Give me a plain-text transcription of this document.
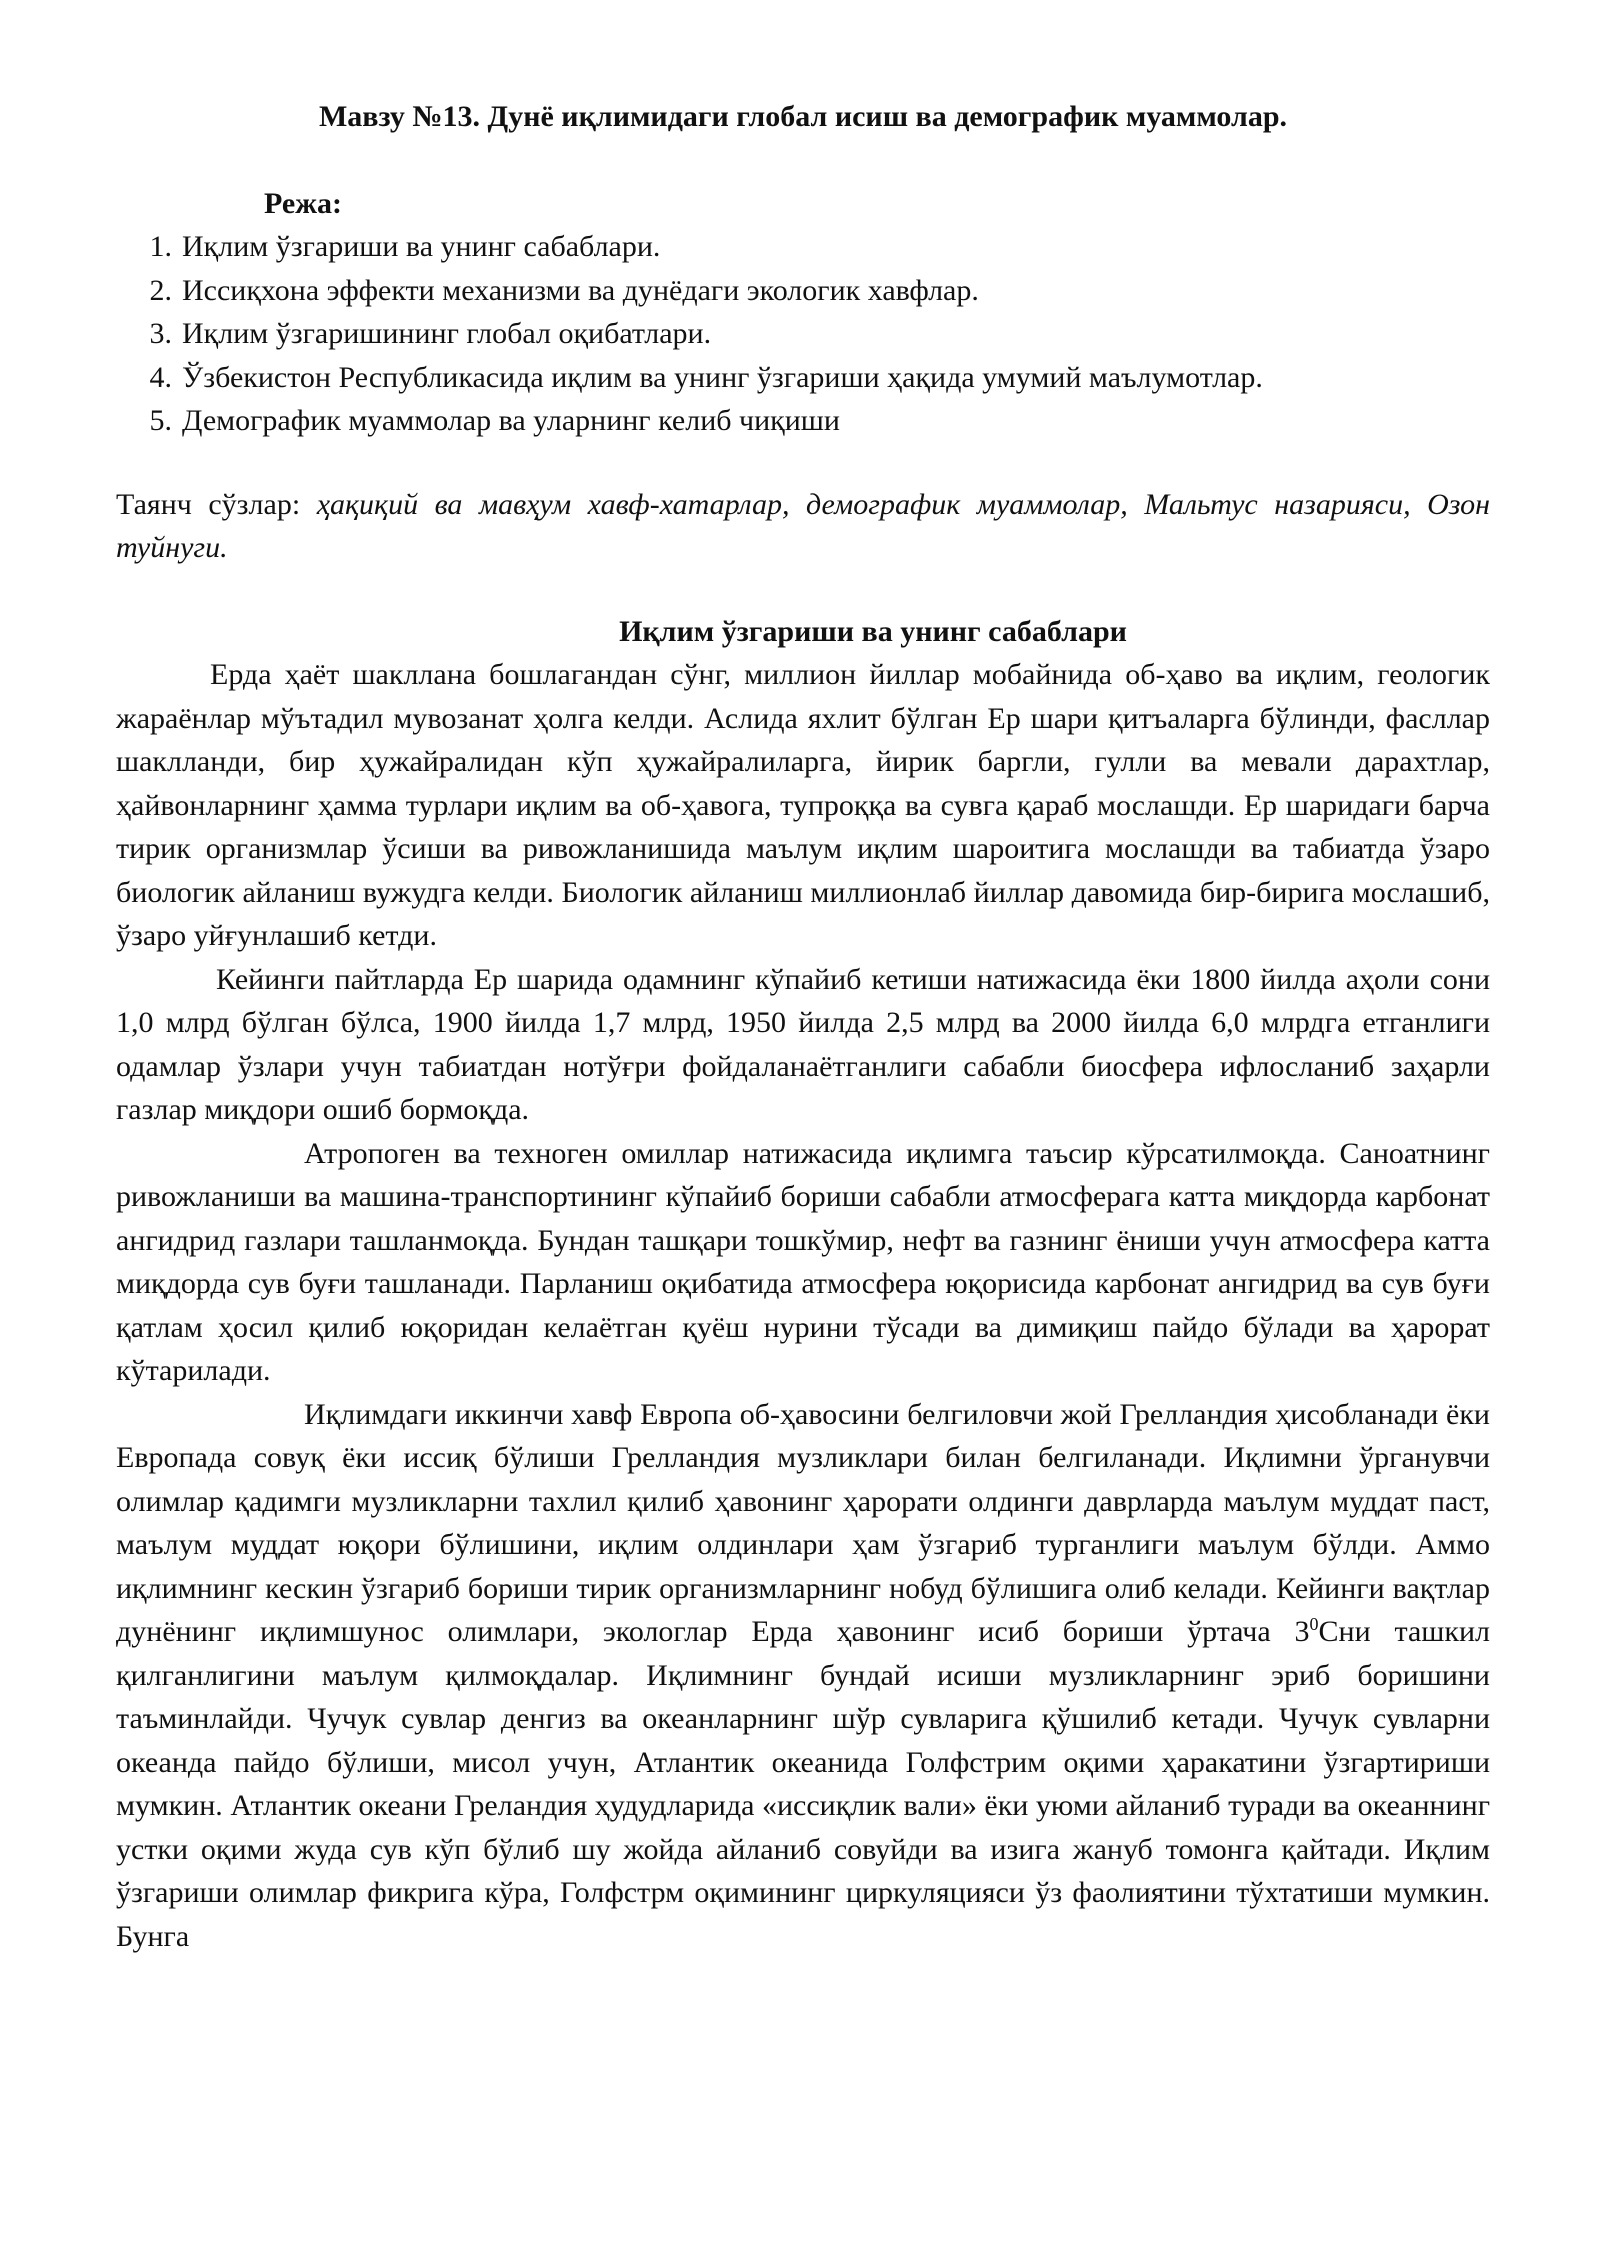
Мавзу №13. Дунё иқлимидаги глобал исиш ва демографик муаммолар.
Режа:
1. Иқлим ўзгариши ва унинг сабаблари.
2. Иссиқхона эффекти механизми ва дунёдаги экологик хавфлар.
3. Иқлим ўзгаришининг глобал оқибатлари.
4. Ўзбекистон Республикасида иқлим ва унинг ўзгариши ҳақида умумий маълумотлар.
5. Демографик муаммолар ва уларнинг келиб чиқиши

Таянч сўзлар: ҳақиқий ва мавҳум хавф-хатарлар, демографик муаммолар, Мальтус назарияси, Озон туйнуги.

Иқлим ўзгариши ва унинг сабаблари

Ерда ҳаёт шакллана бошлагандан сўнг, миллион йиллар мобайнида об-ҳаво ва иқлим, геологик жараёнлар мўътадил мувозанат ҳолга келди. Аслида яхлит бўлган Ер шари қитъаларга бўлинди, фасллар шаклланди, бир ҳужайралидан кўп ҳужайралиларга, йирик баргли, гулли ва мевали дарахтлар, ҳайвонларнинг ҳамма турлари иқлим ва об-ҳавога, тупроққа ва сувга қараб мослашди. Ер шаридаги барча тирик организмлар ўсиши ва ривожланишида маълум иқлим шароитига мослашди ва табиатда ўзаро биологик айланиш вужудга келди. Биологик айланиш миллионлаб йиллар давомида бир-бирига мослашиб, ўзаро уйғунлашиб кетди.

Кейинги пайтларда Ер шарида одамнинг кўпайиб кетиши натижасида ёки 1800 йилда аҳоли сони 1,0 млрд бўлган бўлса, 1900 йилда 1,7 млрд, 1950 йилда 2,5 млрд ва 2000 йилда 6,0 млрдга етганлиги одамлар ўзлари учун табиатдан нотўғри фойдаланаётганлиги сабабли биосфера ифлосланиб заҳарли газлар миқдори ошиб бормоқда.

Атропоген ва техноген омиллар натижасида иқлимга таъсир кўрсатилмоқда. Саноатнинг ривожланиши ва машина-транспортининг кўпайиб бориши сабабли атмосферага катта миқдорда карбонат ангидрид газлари ташланмоқда. Бундан ташқари тошкўмир, нефт ва газнинг ёниши учун атмосфера катта миқдорда сув буғи ташланади. Парланиш оқибатида атмосфера юқорисида карбонат ангидрид ва сув буғи қатлам ҳосил қилиб юқоридан келаётган қуёш нурини тўсади ва димиқиш пайдо бўлади ва ҳарорат кўтарилади.

Иқлимдаги иккинчи хавф Европа об-ҳавосини белгиловчи жой Грелландия ҳисобланади ёки Европада совуқ ёки иссиқ бўлиши Грелландия музликлари билан белгиланади. Иқлимни ўрганувчи олимлар қадимги музликларни тахлил қилиб ҳавонинг ҳарорати олдинги даврларда маълум муддат паст, маълум муддат юқори бўлишини, иқлим олдинлари ҳам ўзгариб турганлиги маълум бўлди. Аммо иқлимнинг кескин ўзгариб бориши тирик организмларнинг нобуд бўлишига олиб келади. Кейинги вақтлар дунёнинг иқлимшунос олимлари, экологлар Ерда ҳавонинг исиб бориши ўртача $3^0Сни$ ташкил қилганлигини маълум қилмоқдалар. Иқлимнинг бундай исиши музликларнинг эриб боришини таъминлайди. Чучук сувлар денгиз ва океанларнинг шўр сувларига қўшилиб кетади. Чучук сувларни океанда пайдо бўлиши, мисол учун, Атлантик океанида Голфстрим оқими ҳаракатини ўзгартириши мумкин. Атлантик океани Грeландия ҳудудларида «иссиқлик вали» ёки уюми айланиб туради ва океаннинг устки оқими жуда сув кўп бўлиб шу жойда айланиб совуйди ва изига жануб томонга қайтади. Иқлим ўзгариши олимлар фикрига кўра, Голфстрм оқимининг циркуляцияси ўз фаолиятини тўхтатиши мумкин. Бунга
